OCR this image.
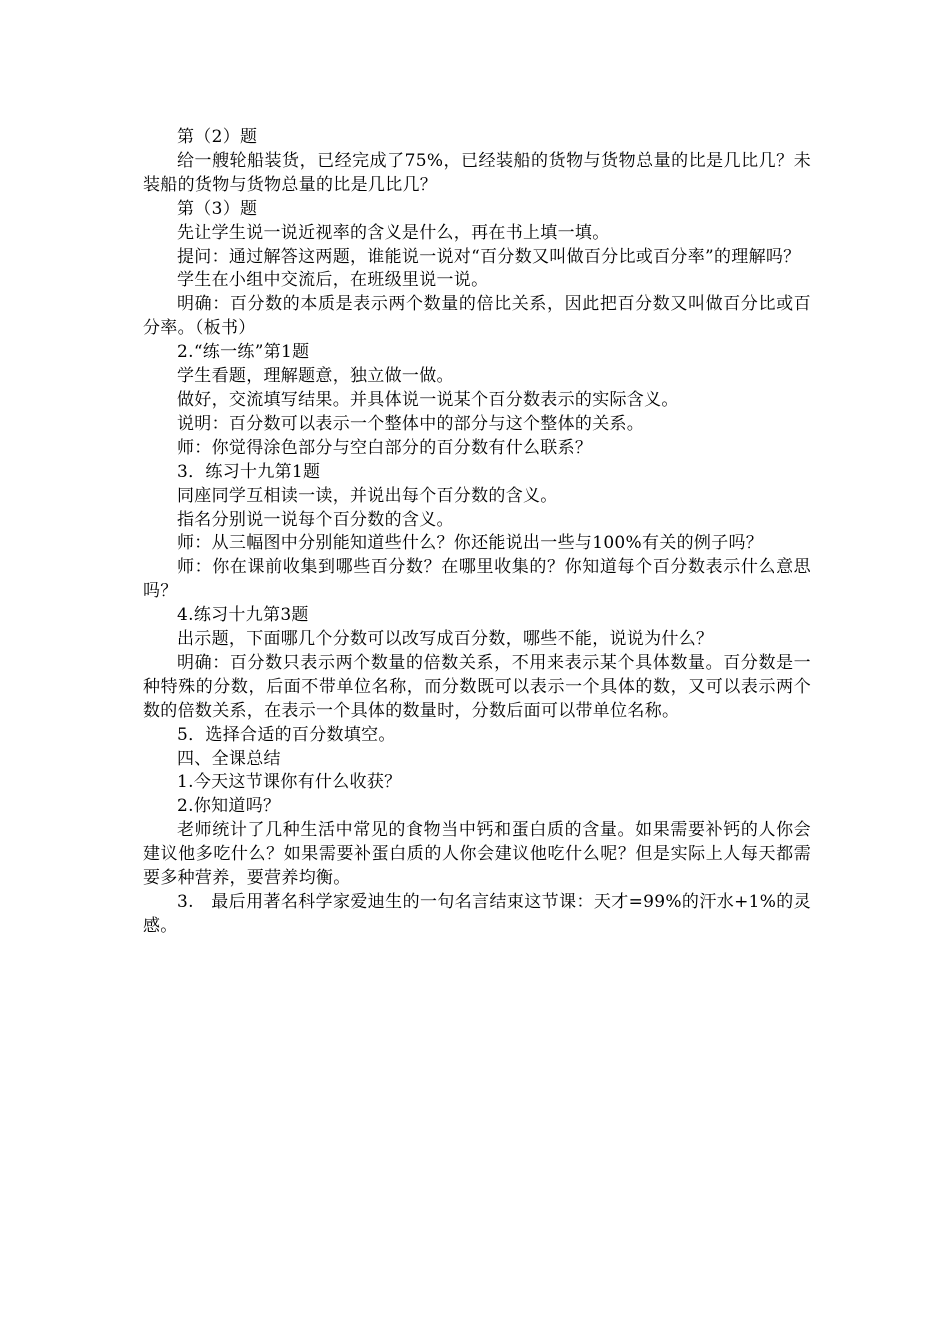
第（2）题

给一艘轮船装货，已经完成了75%，已经装船的货物与货物总量的比是几比几？未装船的货物与货物总量的比是几比几？

第（3）题

先让学生说一说近视率的含义是什么，再在书上填一填。

提问：通过解答这两题，谁能说一说对“百分数又叫做百分比或百分率”的理解吗？

学生在小组中交流后，在班级里说一说。

明确：百分数的本质是表示两个数量的倍比关系，因此把百分数又叫做百分比或百分率。（板书）

2.“练一练”第1题

学生看题，理解题意，独立做一做。

做好，交流填写结果。并具体说一说某个百分数表示的实际含义。

说明：百分数可以表示一个整体中的部分与这个整体的关系。

师：你觉得涂色部分与空白部分的百分数有什么联系？

3．练习十九第1题

同座同学互相读一读，并说出每个百分数的含义。

指名分别说一说每个百分数的含义。

师：从三幅图中分别能知道些什么？你还能说出一些与100%有关的例子吗？

师：你在课前收集到哪些百分数？在哪里收集的？你知道每个百分数表示什么意思吗？

4.练习十九第3题

出示题，下面哪几个分数可以改写成百分数，哪些不能，说说为什么？

明确：百分数只表示两个数量的倍数关系，不用来表示某个具体数量。百分数是一种特殊的分数，后面不带单位名称，而分数既可以表示一个具体的数，又可以表示两个数的倍数关系，在表示一个具体的数量时，分数后面可以带单位名称。

5．选择合适的百分数填空。

四、全课总结

1.今天这节课你有什么收获？

2.你知道吗？

老师统计了几种生活中常见的食物当中钙和蛋白质的含量。如果需要补钙的人你会建议他多吃什么？如果需要补蛋白质的人你会建议他吃什么呢？但是实际上人每天都需要多种营养，要营养均衡。

3.　最后用著名科学家爱迪生的一句名言结束这节课：天才=99%的汗水+1%的灵感。
